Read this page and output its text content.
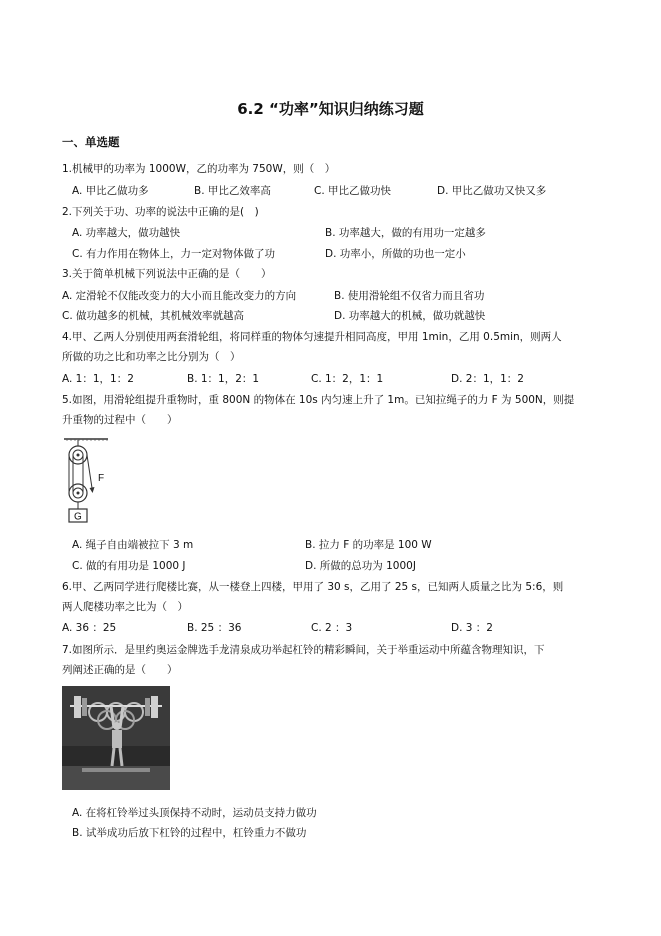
6.2 “功率”知识归纳练习题
一、单选题
1.机械甲的功率为 1000W，乙的功率为 750W，则（　）
A. 甲比乙做功多	B. 甲比乙效率高	C. 甲比乙做功快	D. 甲比乙做功又快又多
2.下列关于功、功率的说法中正确的是(　)
A. 功率越大，做功越快	B. 功率越大，做的有用功一定越多
C. 有力作用在物体上，力一定对物体做了功	D. 功率小，所做的功也一定小
3.关于简单机械下列说法中正确的是（　　）
A. 定滑轮不仅能改变力的大小而且能改变力的方向	B. 使用滑轮组不仅省力而且省功
C. 做功越多的机械，其机械效率就越高	D. 功率越大的机械，做功就越快
4.甲、乙两人分别使用两套滑轮组，将同样重的物体匀速提升相同高度，甲用 1min，乙用 0.5min，则两人
所做的功之比和功率之比分别为（　）
A. 1：1，1：2	B. 1：1，2：1	C. 1：2，1：1	D. 2：1，1：2
5.如图，用滑轮组提升重物时，重 800N 的物体在 10s 内匀速上升了 1m。已知拉绳子的力 F 为 500N，则提
升重物的过程中（　　）
F
G
A. 绳子自由端被拉下 3 m	B. 拉力 F 的功率是 100 W
C. 做的有用功是 1000 J	D. 所做的总功为 1000J
6.甲、乙两同学进行爬楼比赛，从一楼登上四楼，甲用了 30 s，乙用了 25 s，已知两人质量之比为 5:6，则
两人爬楼功率之比为（　）
A. 36 ：25	B. 25 ：36	C. 2 ：3	D. 3 ：2
7.如图所示．是里约奥运金牌选手龙清泉成功举起杠铃的精彩瞬间，关于举重运动中所蕴含物理知识，下
列阐述正确的是（　　）
A. 在将杠铃举过头顶保持不动时，运动员支持力做功
B. 试举成功后放下杠铃的过程中，杠铃重力不做功
